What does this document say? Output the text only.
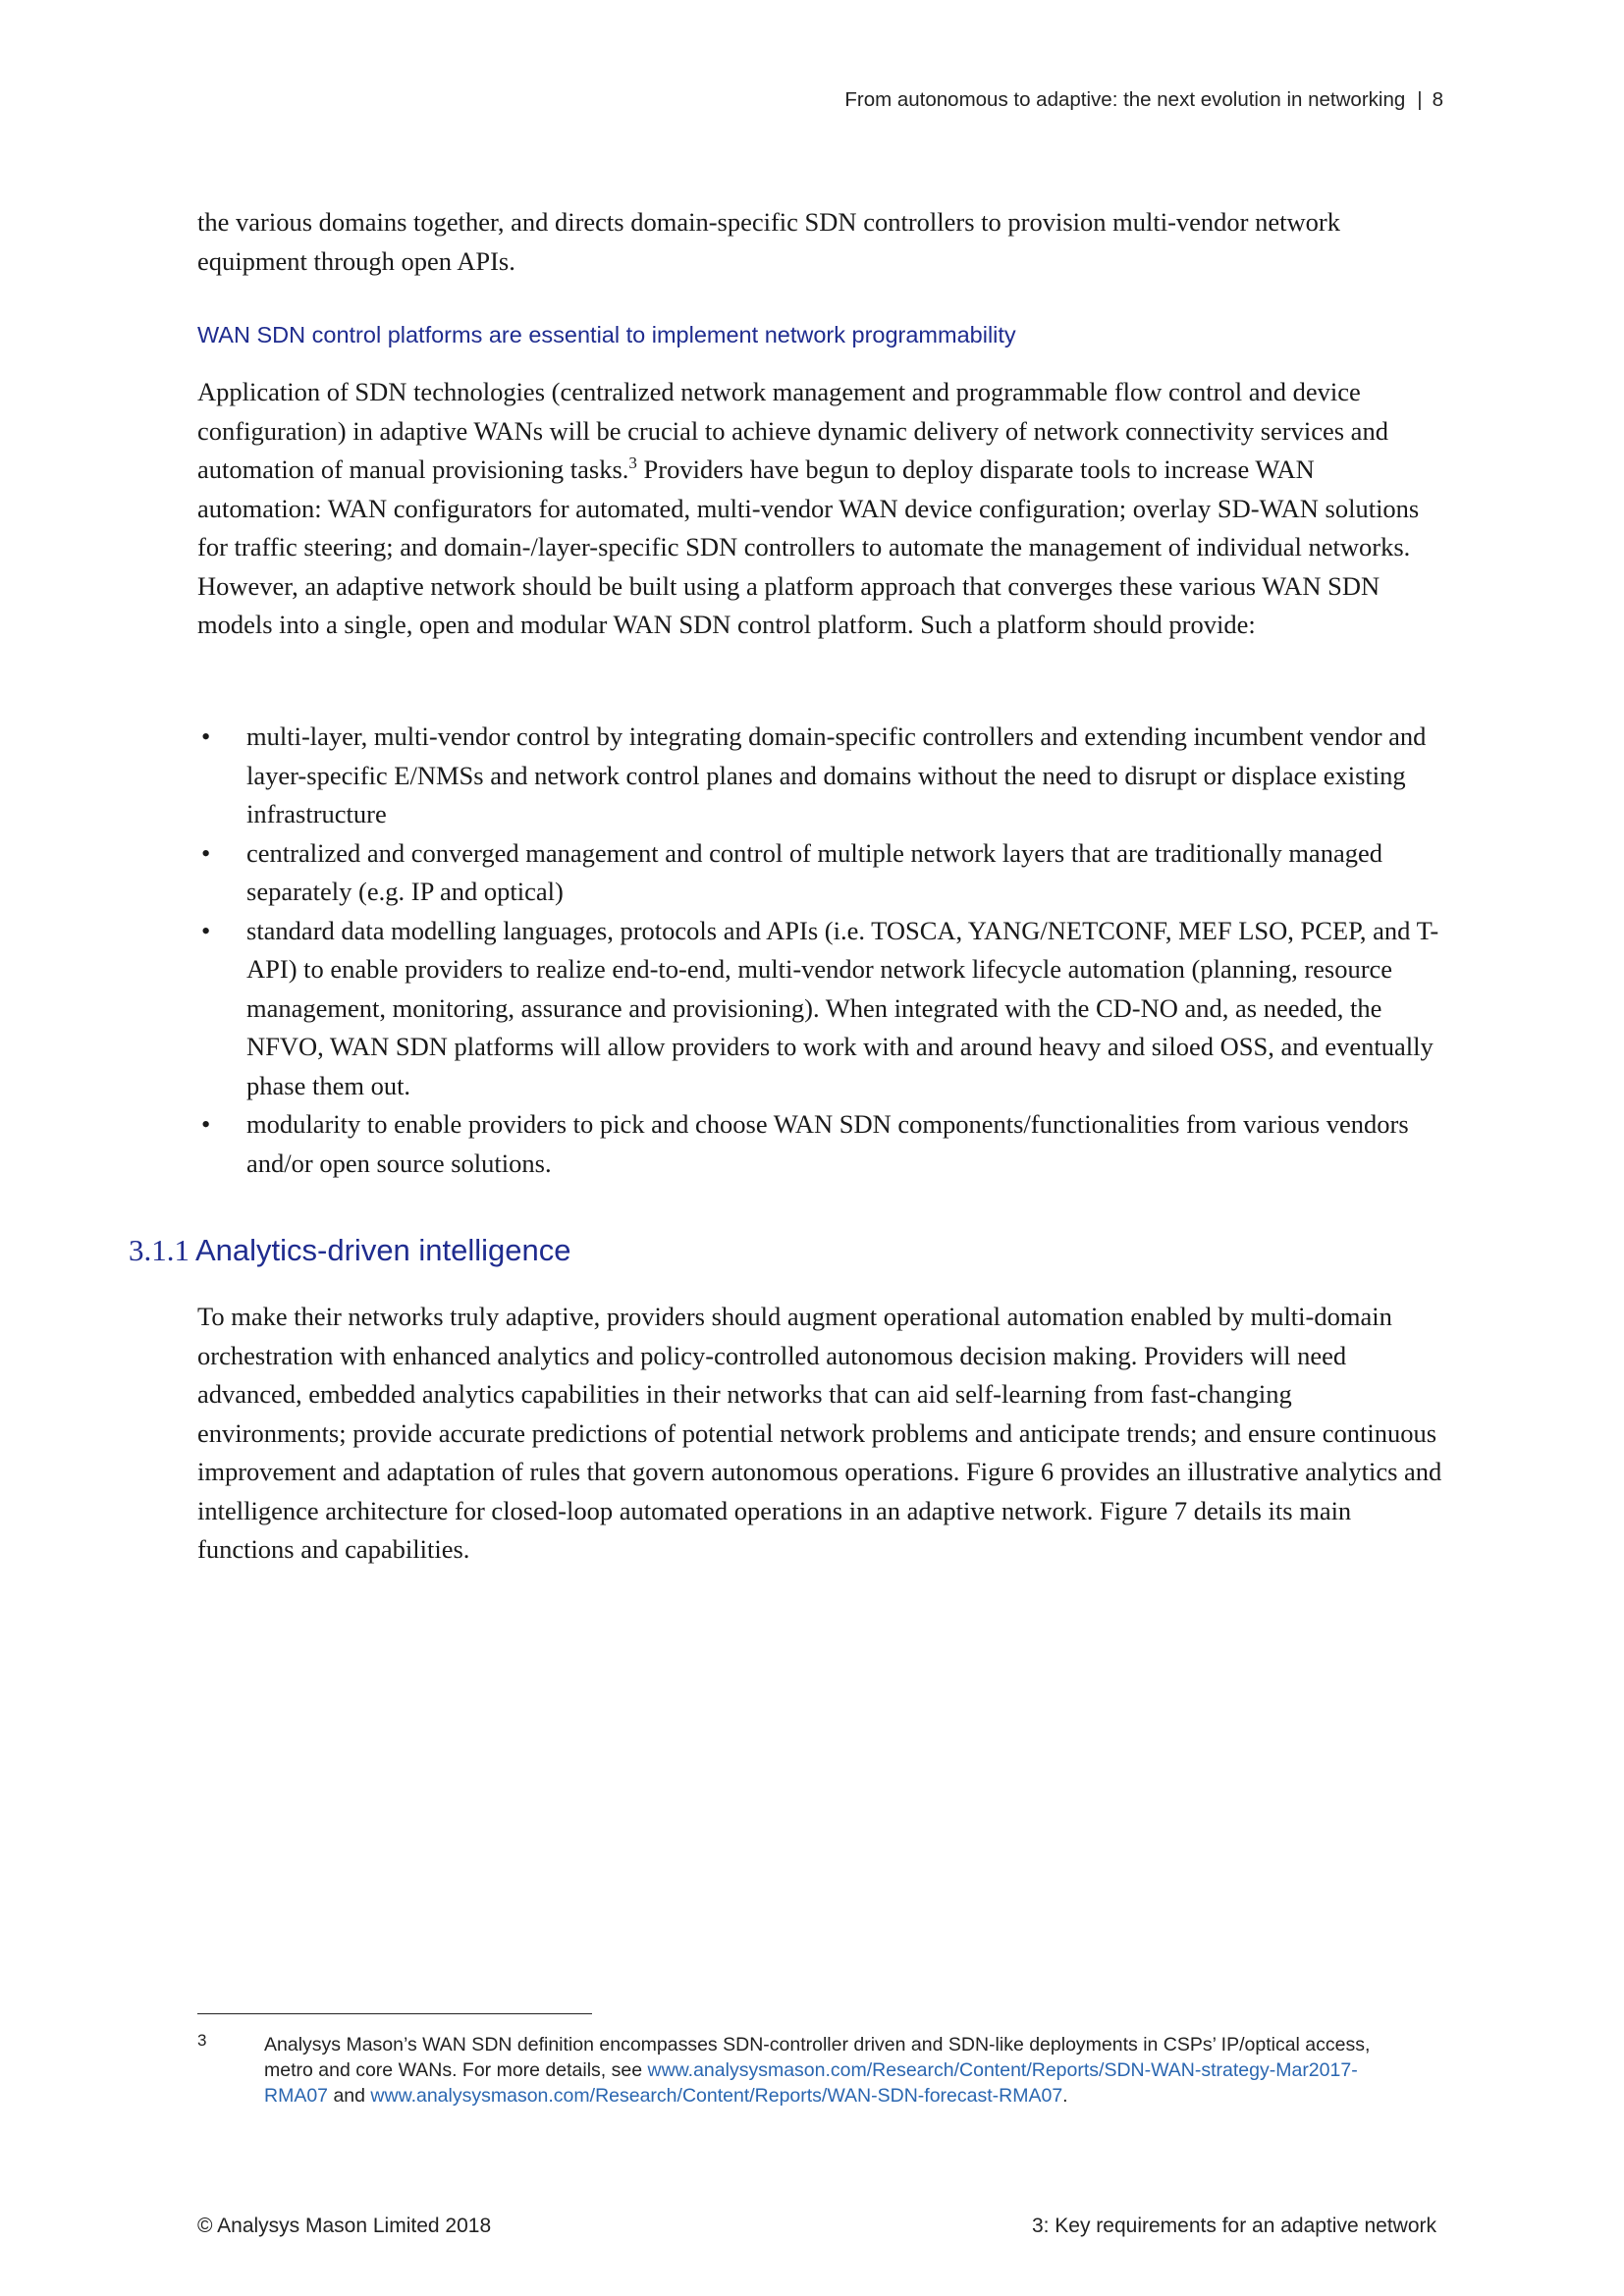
From autonomous to adaptive: the next evolution in networking | 8

the various domains together, and directs domain-specific SDN controllers to provision multi-vendor network equipment through open APIs.

WAN SDN control platforms are essential to implement network programmability

Application of SDN technologies (centralized network management and programmable flow control and device configuration) in adaptive WANs will be crucial to achieve dynamic delivery of network connectivity services and automation of manual provisioning tasks.$^3$ Providers have begun to deploy disparate tools to increase WAN automation: WAN configurators for automated, multi-vendor WAN device configuration; overlay SD-WAN solutions for traffic steering; and domain-/layer-specific SDN controllers to automate the management of individual networks. However, an adaptive network should be built using a platform approach that converges these various WAN SDN models into a single, open and modular WAN SDN control platform. Such a platform should provide:

• multi-layer, multi-vendor control by integrating domain-specific controllers and extending incumbent vendor and layer-specific E/NMSs and network control planes and domains without the need to disrupt or displace existing infrastructure
• centralized and converged management and control of multiple network layers that are traditionally managed separately (e.g. IP and optical)
• standard data modelling languages, protocols and APIs (i.e. TOSCA, YANG/NETCONF, MEF LSO, PCEP, and T-API) to enable providers to realize end-to-end, multi-vendor network lifecycle automation (planning, resource management, monitoring, assurance and provisioning). When integrated with the CD-NO and, as needed, the NFVO, WAN SDN platforms will allow providers to work with and around heavy and siloed OSS, and eventually phase them out.
• modularity to enable providers to pick and choose WAN SDN components/functionalities from various vendors and/or open source solutions.
3.1.1 Analytics-driven intelligence

To make their networks truly adaptive, providers should augment operational automation enabled by multi-domain orchestration with enhanced analytics and policy-controlled autonomous decision making. Providers will need advanced, embedded analytics capabilities in their networks that can aid self-learning from fast-changing environments; provide accurate predictions of potential network problems and anticipate trends; and ensure continuous improvement and adaptation of rules that govern autonomous operations. Figure 6 provides an illustrative analytics and intelligence architecture for closed-loop automated operations in an adaptive network. Figure 7 details its main functions and capabilities.

3	Analysys Mason’s WAN SDN definition encompasses SDN-controller driven and SDN-like deployments in CSPs’ IP/optical access, metro and core WANs. For more details, see www.analysysmason.com/Research/Content/Reports/SDN-WAN-strategy-Mar2017-RMA07 and www.analysysmason.com/Research/Content/Reports/WAN-SDN-forecast-RMA07.
© Analysys Mason Limited 2018	3: Key requirements for an adaptive network
